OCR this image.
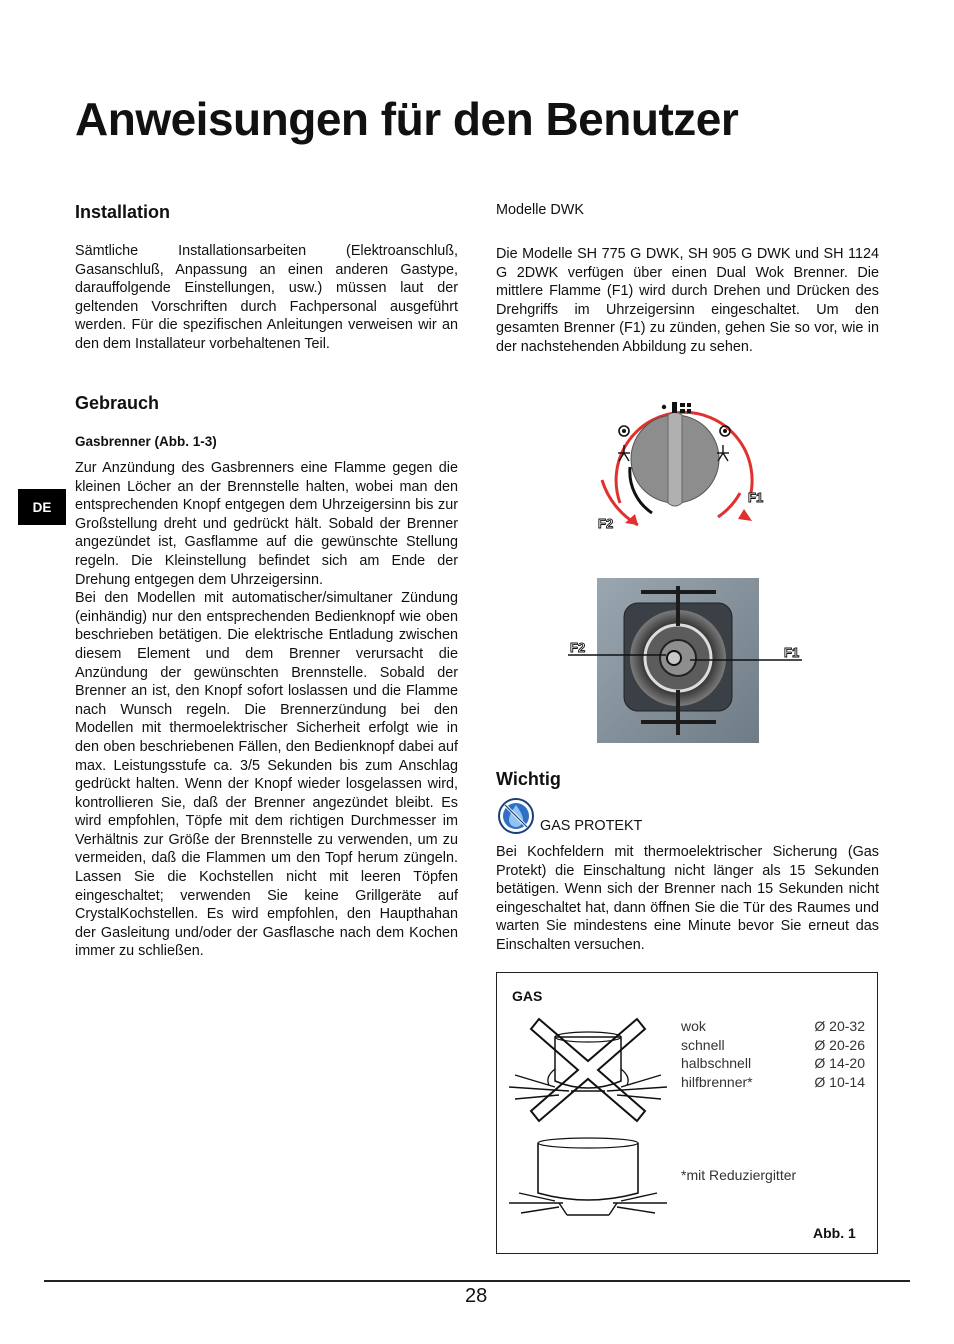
Anweisungen für den Benutzer
DE
Installation
Sämtliche Installationsarbeiten (Elektroanschluß, Gasanschluß, Anpassung an einen anderen Gastype, darauffolgende Einstellungen, usw.) müssen laut der geltenden Vorschriften durch Fachpersonal ausgeführt werden. Für die spezifischen Anleitungen verweisen wir an den dem Installateur vorbehaltenen Teil.
Gebrauch
Gasbrenner (Abb. 1-3)

Zur Anzündung des Gasbrenners eine Flamme gegen die kleinen Löcher an der Brennstelle halten, wobei man den entsprechenden Knopf entgegen dem Uhrzeigersinn bis zur Großstellung dreht und gedrückt hält. Sobald der Brenner angezündet ist, Gasflamme auf die gewünschte Stellung regeln. Die Kleinstellung befindet sich am Ende der Drehung entgegen dem Uhrzeigersinn.

Bei den Modellen mit automatischer/simultaner Zündung (einhändig) nur den entsprechenden Bedienknopf wie oben beschrieben betätigen. Die elektrische Entladung zwischen diesem Element und dem Brenner verursacht die Anzündung der gewünschten Brennstelle. Sobald der Brenner an ist, den Knopf sofort loslassen und die Flamme nach Wunsch regeln. Die Brennerzündung bei den Modellen mit thermoelektrischer Sicherheit erfolgt wie in den oben beschriebenen Fällen, den Bedienknopf dabei auf max. Leistungsstufe ca. 3/5 Sekunden bis zum Anschlag gedrückt halten. Wenn der Knopf wieder losgelassen wird, kontrollieren Sie, daß der Brenner angezündet bleibt. Es wird empfohlen, Töpfe mit dem richtigen Durchmesser im Verhältnis zur Größe der Brennstelle zu verwenden, um zu vermeiden, daß die Flammen um den Topf herum züngeln. Lassen Sie die Kochstellen nicht mit leeren Töpfen eingeschaltet; verwenden Sie keine Grillgeräte auf CrystalKochstellen. Es wird empfohlen, den Haupthahan der Gasleitung und/oder der Gasflasche nach dem Kochen immer zu schließen.

Modelle DWK
Die Modelle SH 775 G DWK, SH 905 G DWK und SH 1124 G 2DWK verfügen über einen Dual Wok Brenner. Die mittlere Flamme (F1) wird durch Drehen und Drücken des Drehgriffs im Uhrzeigersinn eingeschaltet. Um den gesamten Brenner (F1) zu zünden, gehen Sie so vor, wie in der nachstehenden Abbildung zu sehen.
F1
F2
F2	F1
Wichtig
GAS PROTEKT
Bei Kochfeldern mit thermoelektrischer Sicherung (Gas Protekt) die Einschaltung nicht länger als 15 Sekunden betätigen. Wenn sich der Brenner nach 15 Sekunden nicht eingeschaltet hat, dann öffnen Sie die Tür des Raumes und warten Sie mindestens eine Minute bevor Sie erneut das Einschalten versuchen.
GAS
wok	Ø 20-32
schnell	Ø 20-26
halbschnell	Ø 14-20
hilfbrenner*	Ø 10-14
*mit Reduziergitter
Abb. 1
28
